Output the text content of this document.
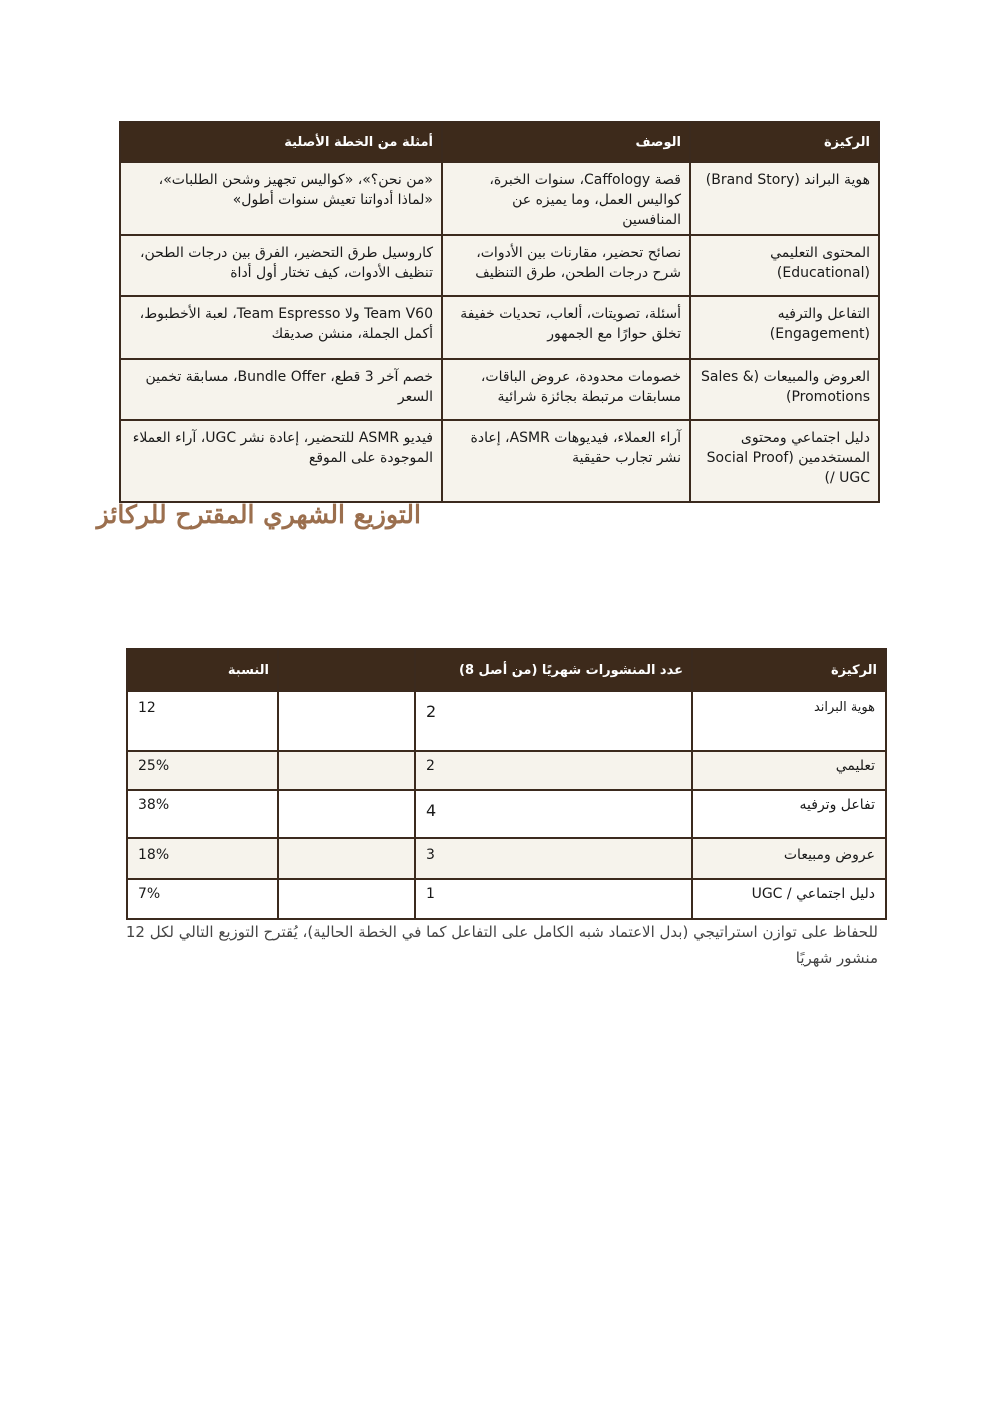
أمثلة من الخطة الأصلية	الوصف	الركيزة
«من نحن؟»، «كواليس تجهيز وشحن الطلبات»، «لماذا أدواتنا تعيش سنوات أطول»	قصة Caffology، سنوات الخبرة، كواليس العمل، وما يميزه عن المنافسين	هوية البراند (Brand Story)
كاروسيل طرق التحضير، الفرق بين درجات الطحن، تنظيف الأدوات، كيف تختار أول أداة	نصائح تحضير، مقارنات بين الأدوات، شرح درجات الطحن، طرق التنظيف	المحتوى التعليمي (Educational)
Team V60 ولا Team Espresso، لعبة الأخطبوط، أكمل الجملة، منشن صديقك	أسئلة، تصويتات، ألعاب، تحديات خفيفة تخلق حوارًا مع الجمهور	التفاعل والترفيه (Engagement)
خصم آخر 3 قطع، Bundle Offer، مسابقة تخمين السعر	خصومات محدودة، عروض الباقات، مسابقات مرتبطة بجائزة شرائية	العروض والمبيعات (Sales & Promotions)
فيديو ASMR للتحضير، إعادة نشر UGC، آراء العملاء الموجودة على الموقع	آراء العملاء، فيديوهات ASMR، إعادة نشر تجارب حقيقية	دليل اجتماعي ومحتوى المستخدمين (Social Proof / UGC)
التوزيع الشهري المقترح للركائز
النسبة		عدد المنشورات شهريًا (من أصل 8)	الركيزة
12		2	هوية البراند
25%		2	تعليمي
38%		4	تفاعل وترفيه
18%		3	عروض ومبيعات
7%		1	دليل اجتماعي / UGC

للحفاظ على توازن استراتيجي (بدل الاعتماد شبه الكامل على التفاعل كما في الخطة الحالية)، يُقترح التوزيع التالي لكل 12 منشور شهريًا
